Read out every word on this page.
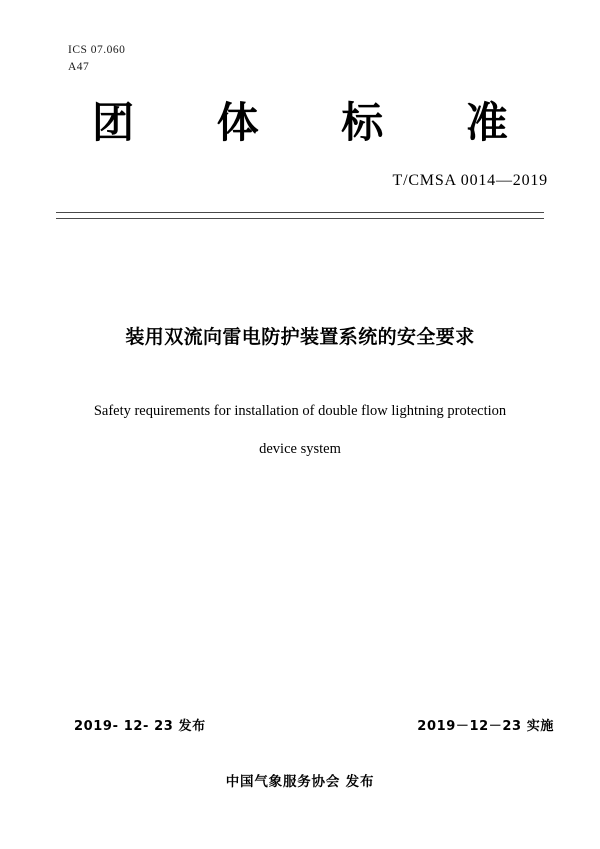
ICS 07.060
A47
团 体 标 准
T/CMSA 0014—2019
装用双流向雷电防护装置系统的安全要求
Safety requirements for installation of double flow lightning protection
device system
2019- 12- 23 发布	2019－12－23 实施
中国气象服务协会 发布
